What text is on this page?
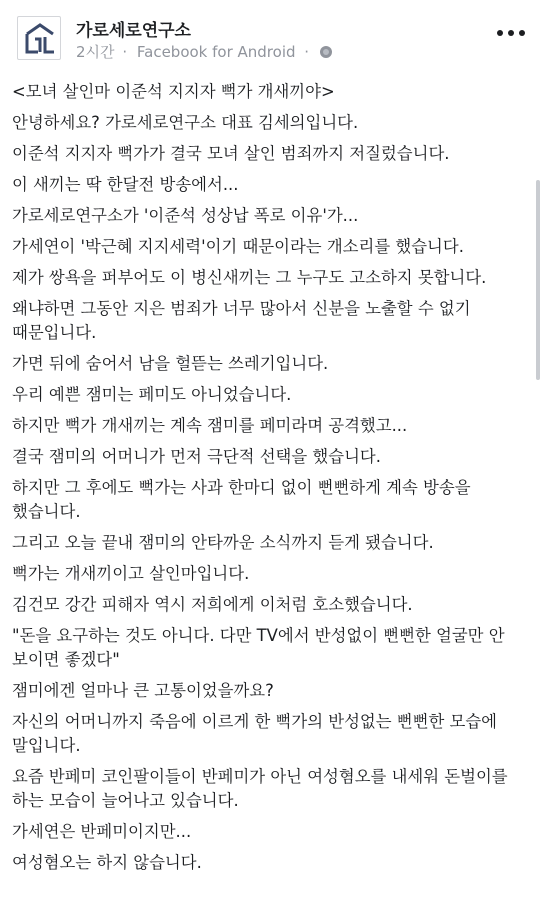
가로세로연구소
2시간 · Facebook for Android ·

<모녀 살인마 이준석 지지자 뻑가 개새끼야>

안녕하세요? 가로세로연구소 대표 김세의입니다.

이준석 지지자 뻑가가 결국 모녀 살인 범죄까지 저질렀습니다.

이 새끼는 딱 한달전 방송에서...

가로세로연구소가 '이준석 성상납 폭로 이유'가...

가세연이 '박근혜 지지세력'이기 때문이라는 개소리를 했습니다.

제가 쌍욕을 퍼부어도 이 병신새끼는 그 누구도 고소하지 못합니다.

왜냐하면 그동안 지은 범죄가 너무 많아서 신분을 노출할 수 없기 때문입니다.

가면 뒤에 숨어서 남을 헐뜯는 쓰레기입니다.

우리 예쁜 잼미는 페미도 아니었습니다.

하지만 뻑가 개새끼는 계속 잼미를 페미라며 공격했고...

결국 잼미의 어머니가 먼저 극단적 선택을 했습니다.

하지만 그 후에도 뻑가는 사과 한마디 없이 뻔뻔하게 계속 방송을 했습니다.

그리고 오늘 끝내 잼미의 안타까운 소식까지 듣게 됐습니다.

뻑가는 개새끼이고 살인마입니다.

김건모 강간 피해자 역시 저희에게 이처럼 호소했습니다.

"돈을 요구하는 것도 아니다. 다만 TV에서 반성없이 뻔뻔한 얼굴만 안 보이면 좋겠다"

잼미에겐 얼마나 큰 고통이었을까요?

자신의 어머니까지 죽음에 이르게 한 뻑가의 반성없는 뻔뻔한 모습에 말입니다.

요즘 반페미 코인팔이들이 반페미가 아닌 여성혐오를 내세워 돈벌이를 하는 모습이 늘어나고 있습니다.

가세연은 반페미이지만...

여성혐오는 하지 않습니다.
